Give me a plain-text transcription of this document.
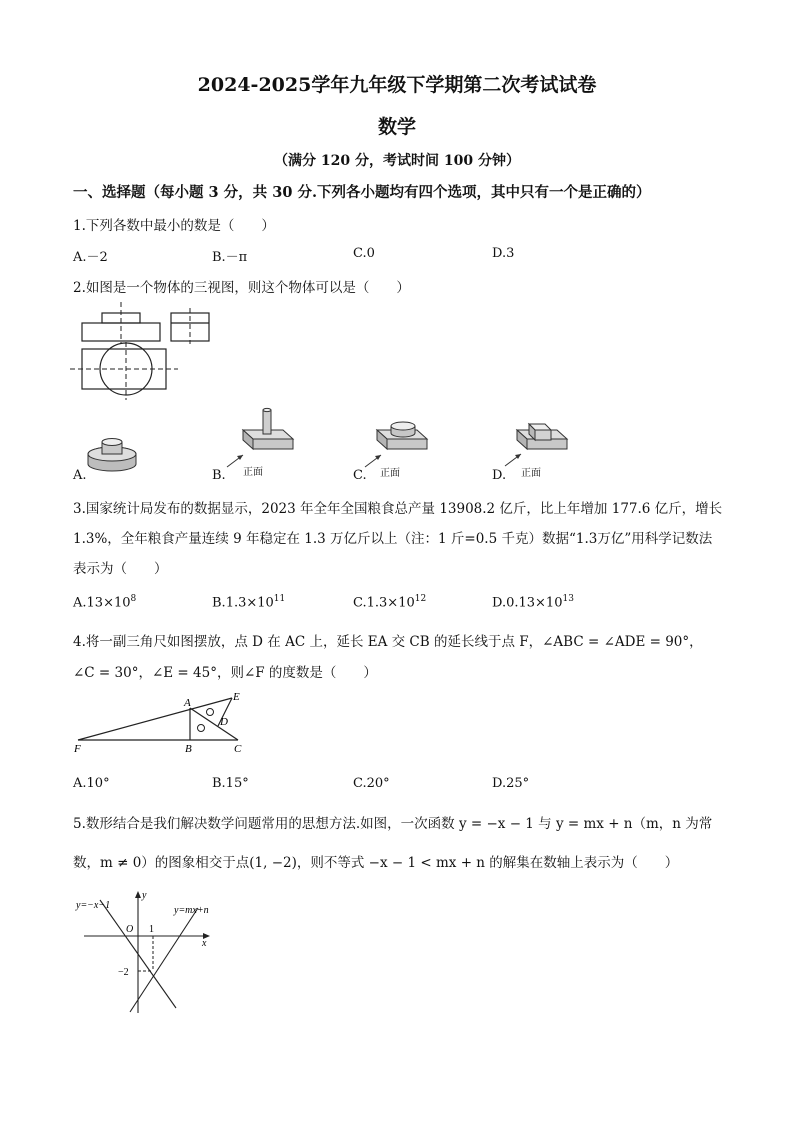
2024-2025学年九年级下学期第二次考试试卷
数学
（满分 120 分，考试时间 100 分钟）
一、选择题（每小题 3 分，共 30 分.下列各小题均有四个选项，其中只有一个是正确的）
1.下列各数中最小的数是（　　）
A.－2	B.－π	C.0	D.3
2.如图是一个物体的三视图，则这个物体可以是（　　）
A.	正面
B.	正面
C.	正面
D.
3.国家统计局发布的数据显示，2023 年全年全国粮食总产量 13908.2 亿斤，比上年增加 177.6 亿斤，增长
1.3%，全年粮食产量连续 9 年稳定在 1.3 万亿斤以上（注：1 斤=0.5 千克）数据“1.3万亿”用科学记数法
表示为（　　）
$A.13\times 10^8$	$B.1.3\times 10^{11}$	$C.1.3\times 10^{12}$	$D.0.13\times 10^{13}$
4.将一副三角尺如图摆放，点 D 在 AC 上，延长 EA 交 CB 的延长线于点 F，∠ABC = ∠ADE = 90°，
∠C = 30°，∠E = 45°，则∠F 的度数是（　　）
A	E
D
F	B	C
A.10°	B.15°	C.20°	D.25°
5.数形结合是我们解决数学问题常用的思想方法.如图，一次函数 y = −x − 1 与 y = mx + n（m，n 为常
数，m ≠ 0）的图象相交于点(1, −2)，则不等式 −x − 1 < mx + n 的解集在数轴上表示为（　　）
y=−x−1	y=mx+n
y
x
O 1
−2
